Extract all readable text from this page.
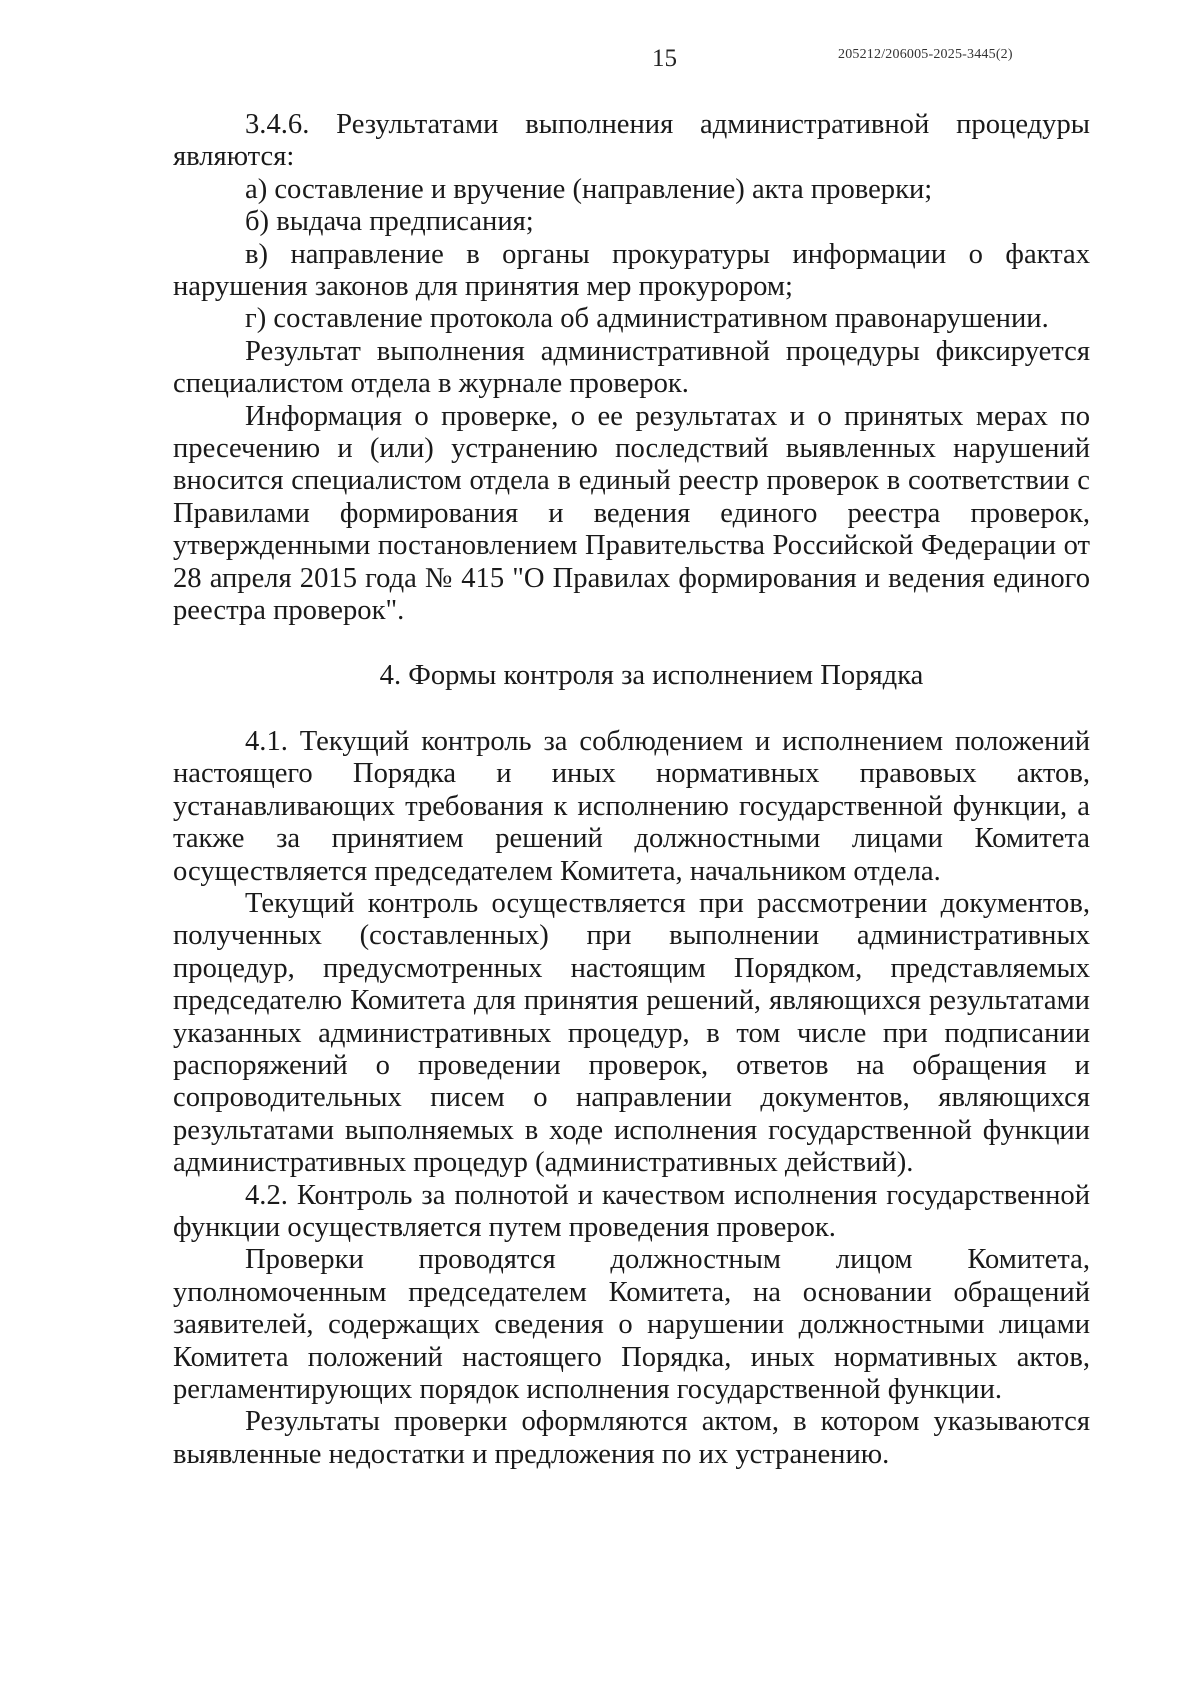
15	205212/206005-2025-3445(2)

3.4.6. Результатами выполнения административной процедуры являются:

а) составление и вручение (направление) акта проверки;

б) выдача предписания;

в) направление в органы прокуратуры информации о фактах нарушения законов для принятия мер прокурором;

г) составление протокола об административном правонарушении.

Результат выполнения административной процедуры фиксируется специалистом отдела в журнале проверок.

Информация о проверке, о ее результатах и о принятых мерах по пресечению и (или) устранению последствий выявленных нарушений вносится специалистом отдела в единый реестр проверок в соответствии с Правилами формирования и ведения единого реестра проверок, утвержденными постановлением Правительства Российской Федерации от 28 апреля 2015 года № 415 "О Правилах формирования и ведения единого реестра проверок".

4. Формы контроля за исполнением Порядка

4.1. Текущий контроль за соблюдением и исполнением положений настоящего Порядка и иных нормативных правовых актов, устанавливающих требования к исполнению государственной функции, а также за принятием решений должностными лицами Комитета осуществляется председателем Комитета, начальником отдела.

Текущий контроль осуществляется при рассмотрении документов, полученных (составленных) при выполнении административных процедур, предусмотренных настоящим Порядком, представляемых председателю Комитета для принятия решений, являющихся результатами указанных административных процедур, в том числе при подписании распоряжений о проведении проверок, ответов на обращения и сопроводительных писем о направлении документов, являющихся результатами выполняемых в ходе исполнения государственной функции административных процедур (административных действий).

4.2. Контроль за полнотой и качеством исполнения государственной функции осуществляется путем проведения проверок.

Проверки проводятся должностным лицом Комитета, уполномоченным председателем Комитета, на основании обращений заявителей, содержащих сведения о нарушении должностными лицами Комитета положений настоящего Порядка, иных нормативных актов, регламентирующих порядок исполнения государственной функции.

Результаты проверки оформляются актом, в котором указываются выявленные недостатки и предложения по их устранению.
